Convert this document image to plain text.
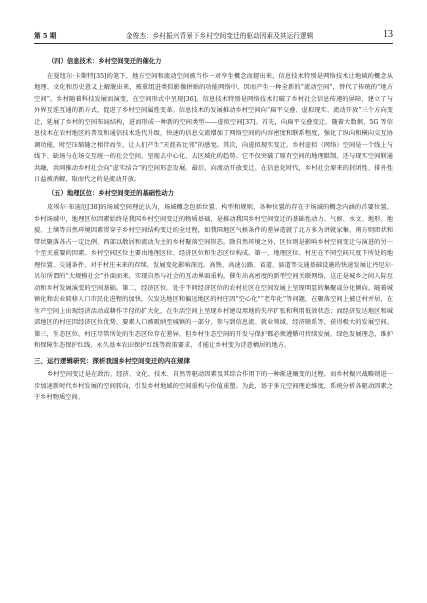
第 5 期	金俊杰：乡村振兴背景下乡村空间变迁的驱动因素及其运行逻辑	13
（四）信息技术：乡村空间变迁的催化力

在曼纽尔·卡斯特[35]的笔下，地方空间和流动空间被当作一对孪生概念而提出来，信息技术特别是网络技术让地域的概念从地理、文化和历史意义上解脱出来，被重组进类似影像拼贴的功能网络中，因而产生一种全新的“流动空间”，替代了传统的“地方空间”。乡村随着科技发展而演变，在空间形式中呈现[36]。信息技术特别是网络技术打破了乡村社会信息传递的屏障，建立了与外界互连互通的新方式，促进了乡村空间属性变革。信息技术的发展推动乡村空间向“扁平交叠、虚拟现实、流动开放”三个方向变迁，延展了乡村的空间布局结构，进而形成一种新的空间类型——虚拟空间[37]。首先，向扁平交叠变迁。随着大数据、5G 等信息技术在农村地区的普及和通信技术迭代升级，快速的信息交流增加了网络空间的内容密度和联系程度，强化了纵向和横向交互协调功能，时空压缩随之相伴而生，让人们产生“天涯若比邻”的感觉。其次，向虚拟现实变迁。乡村虚拟（网络）空间是一个线上与线下、缺场与在场交互统一的社会空间，呈现去中心化、去区域化的趋势。它不仅突破了原有空间的地理限制，还与现实空间联通共融，共同推动乡村社会向“虚实结合”的空间形态发展。最后，向流动开放变迁。在信息化时代，乡村社会原来的封闭性、排外性日益被消解，取而代之的是流动开放。

（五）地理区位：乡村空间变迁的基础性动力

皮埃尔·布迪厄[38]的场域空间理论认为，场域概念包括位置、构型和规则，各种位置的存在于场域的概念内涵的首要位置。乡村场域中，地理区位因素始终是我国乡村空间变迁的物质基础，是推动我国乡村空间变迁的基础性动力。气候、水文、地形、地貌、土壤等自然环境因素贯穿于乡村空间结构变迁的全过程，如我国地区气候条件的差异造就了北方多为讲就家集、南方则团状和带状聚落各占一定比例、西部以散居和流动为主的乡村聚落空间形态。除自然环境之外，区位则是影响乡村空间变迁与演进的另一个至关重要的因素。乡村空间区位主要由地理区位、经济区位和生态区位构成。第一，地理区位。村庄在不同空间尺度下所处的地理位置、交通条件，对于村庄未来的存续、发展变化影响深远。高铁、高速公路、省道、县道等交通基础设施的快速发展让丹尼尔·贝尔所谓的“大规模社会”扑面而来。实现自然与社会的互动界面重构，催生出高密度的新型空间关联网络，这正是城乡之间人际互动和乡村发展演变的空间基础。第二，经济区位。处于不同经济区位的农村社区在空间发展上呈现明显的集聚或分化倾向。随着城镇化和农业转移人口市民化进程的加快，欠发达地区和偏远地区的村庄因“空心化”“老年化”等问题，在聚落空间上被迁村并居，在生产空间上出现经济活动或耕作半径的扩大化，在生活空间上呈现乡村建设用地的失序扩张和利用低效状态；而经济发达地区和城郊地区的村庄因经济区位优势，要素人口被吸纳至城镇的一部分，参与到信息流、就业领域、经济联系等，获得极大的发展空间。第三，生态区位。村庄尽管所处的生态区位存在差异，但乡村生态空间的开发与保护都必须遵循可持续发展、绿色发展理念，维护和保障生态保护红线、永久基本农田保护红线等政策要求，才能让乡村变为诗意栖居的地方。

三、运行逻辑研究：探析我国乡村空间变迁的内在规律

乡村空间变迁是在政治、经济、文化、技术、自然等驱动因素及其综合作用下的一种渐进嬗变的过程。而乡村振兴战略则进一步加速新时代乡村发展的空间转向，引发乡村地域的空间重构与价值重塑。为此，基于多元空间理论维度，系统分析各驱动因素之于乡村物质空间、
